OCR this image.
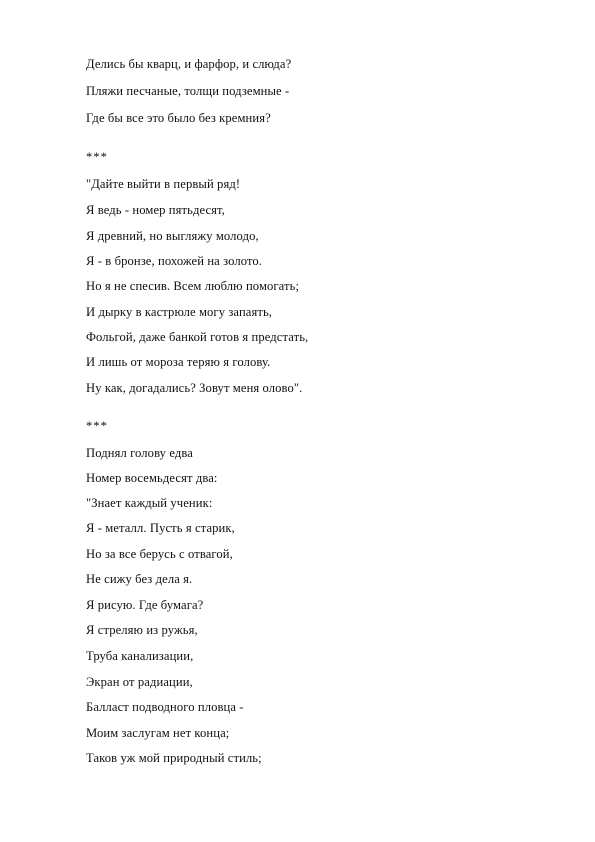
Делись бы кварц, и фарфор, и слюда?
Пляжи песчаные, толщи подземные -
Где бы все это было без кремния?
***
"Дайте выйти в первый ряд!
Я ведь - номер пятьдесят,
Я древний, но выгляжу молодо,
Я - в бронзе, похожей на золото.
Но я не спесив. Всем люблю помогать;
И дырку в кастрюле могу запаять,
Фольгой, даже банкой готов я предстать,
И лишь от мороза теряю я голову.
Ну как, догадались? Зовут меня олово".
***
Поднял голову едва
Номер восемьдесят два:
"Знает каждый ученик:
Я - металл. Пусть я старик,
Но за все берусь с отвагой,
Не сижу без дела я.
Я рисую. Где бумага?
Я стреляю из ружья,
Труба канализации,
Экран от радиации,
Балласт подводного пловца -
Моим заслугам нет конца;
Таков уж мой природный стиль;
